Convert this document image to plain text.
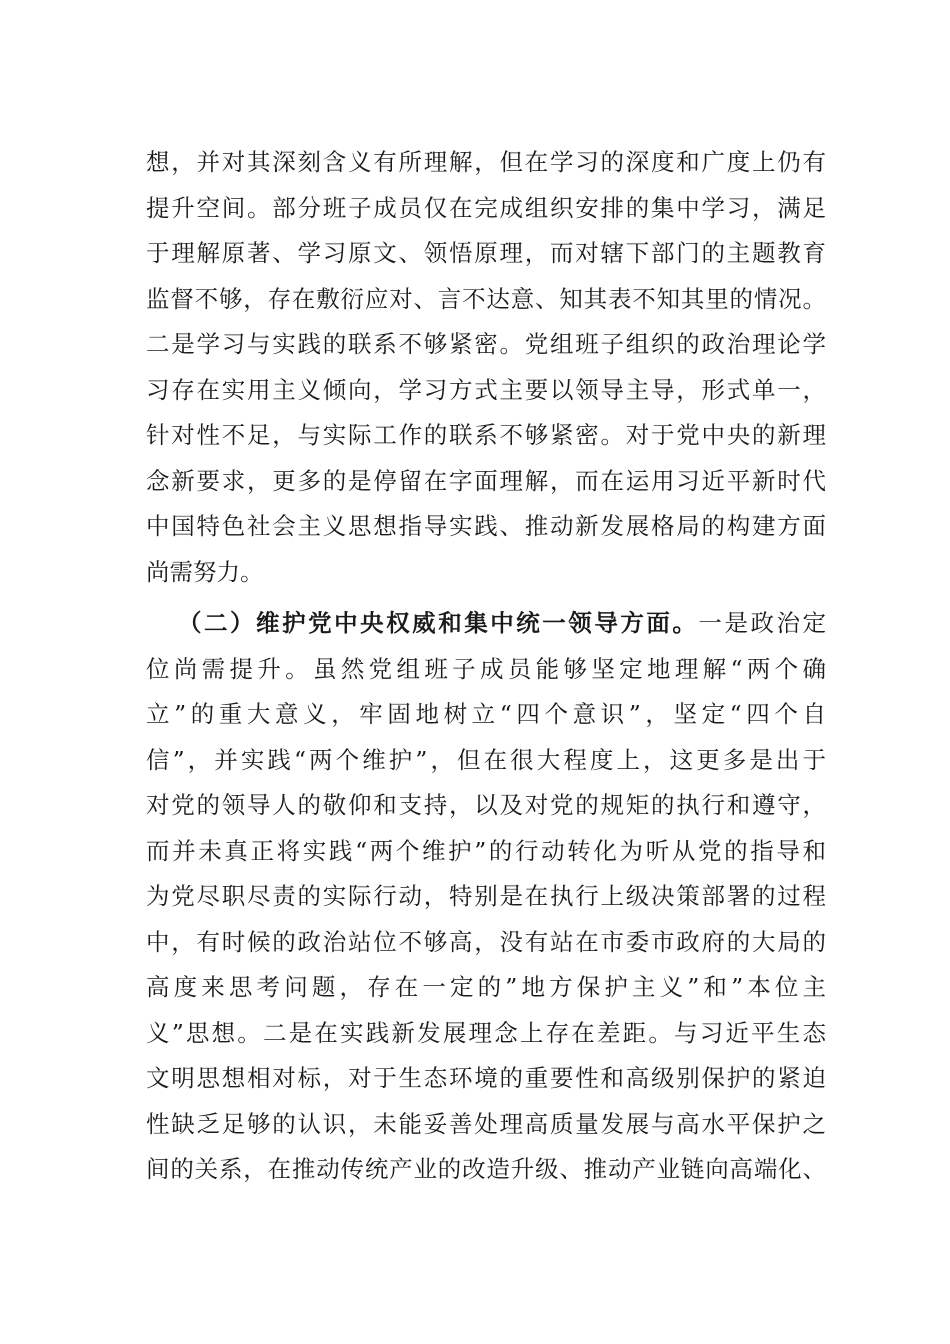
想，并对其深刻含义有所理解，但在学习的深度和广度上仍有
提升空间。部分班子成员仅在完成组织安排的集中学习，满足
于理解原著、学习原文、领悟原理，而对辖下部门的主题教育
监督不够，存在敷衍应对、言不达意、知其表不知其里的情况。
二是学习与实践的联系不够紧密。党组班子组织的政治理论学
习存在实用主义倾向，学习方式主要以领导主导，形式单一，
针对性不足，与实际工作的联系不够紧密。对于党中央的新理
念新要求，更多的是停留在字面理解，而在运用习近平新时代
中国特色社会主义思想指导实践、推动新发展格局的构建方面
尚需努力。
（二）维护党中央权威和集中统一领导方面。一是政治定
位尚需提升。虽然党组班子成员能够坚定地理解“两个确
立”的重大意义，牢固地树立“四个意识”，坚定“四个自
信”，并实践“两个维护”，但在很大程度上，这更多是出于
对党的领导人的敬仰和支持，以及对党的规矩的执行和遵守，
而并未真正将实践“两个维护”的行动转化为听从党的指导和
为党尽职尽责的实际行动，特别是在执行上级决策部署的过程
中，有时候的政治站位不够高，没有站在市委市政府的大局的
高度来思考问题，存在一定的”地方保护主义”和”本位主
义”思想。二是在实践新发展理念上存在差距。与习近平生态
文明思想相对标，对于生态环境的重要性和高级别保护的紧迫
性缺乏足够的认识，未能妥善处理高质量发展与高水平保护之
间的关系，在推动传统产业的改造升级、推动产业链向高端化、
